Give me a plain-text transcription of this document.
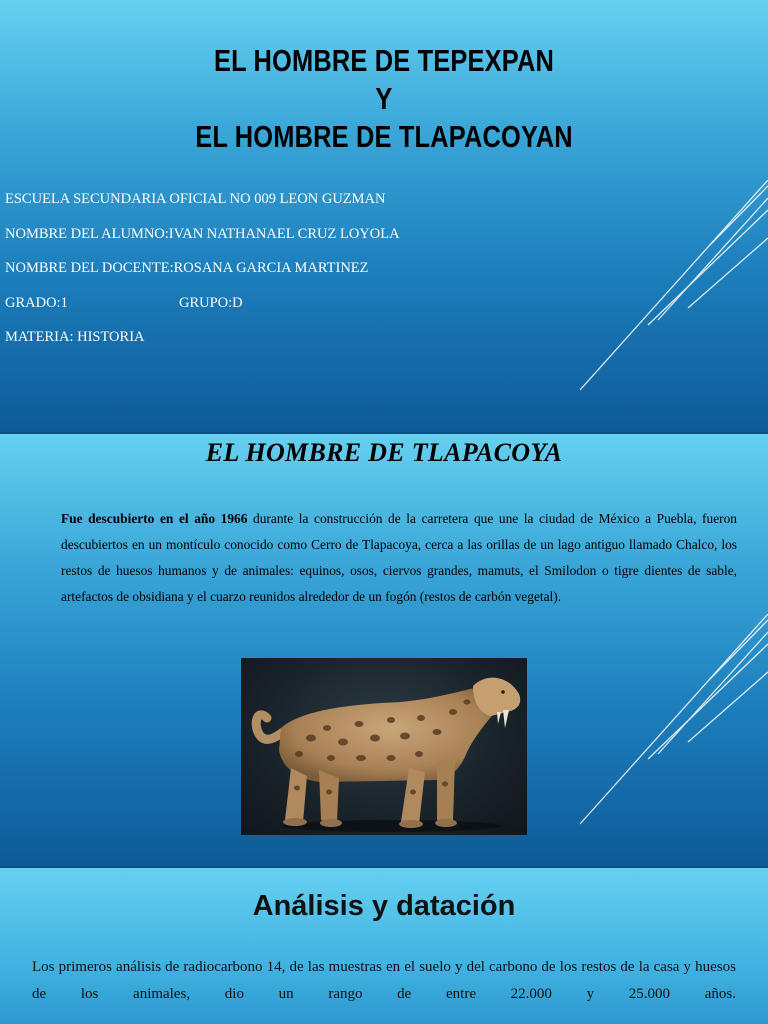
EL HOMBRE DE TEPEXPAN
Y
EL HOMBRE DE TLAPACOYAN
ESCUELA SECUNDARIA OFICIAL NO 009 LEON GUZMAN
NOMBRE DEL ALUMNO:IVAN NATHANAEL CRUZ LOYOLA
NOMBRE DEL DOCENTE:ROSANA GARCIA MARTINEZ
GRADO:1	GRUPO:D
MATERIA: HISTORIA
EL HOMBRE DE TLAPACOYA
Fue descubierto en el año 1966 durante la construcción de la carretera que une la ciudad de México a Puebla, fueron descubiertos en un montículo conocido como Cerro de Tlapacoya, cerca a las orillas de un lago antiguo llamado Chalco, los restos de huesos humanos y de animales: equinos, osos, ciervos grandes, mamuts, el Smilodon o tigre dientes de sable, artefactos de obsidiana y el cuarzo reunidos alrededor de un fogón (restos de carbón vegetal).
Análisis y datación
Los primeros análisis de radiocarbono 14, de las muestras en el suelo y del carbono de los restos de la casa y huesos de los animales, dio un rango de entre 22.000 y 25.000 años.
